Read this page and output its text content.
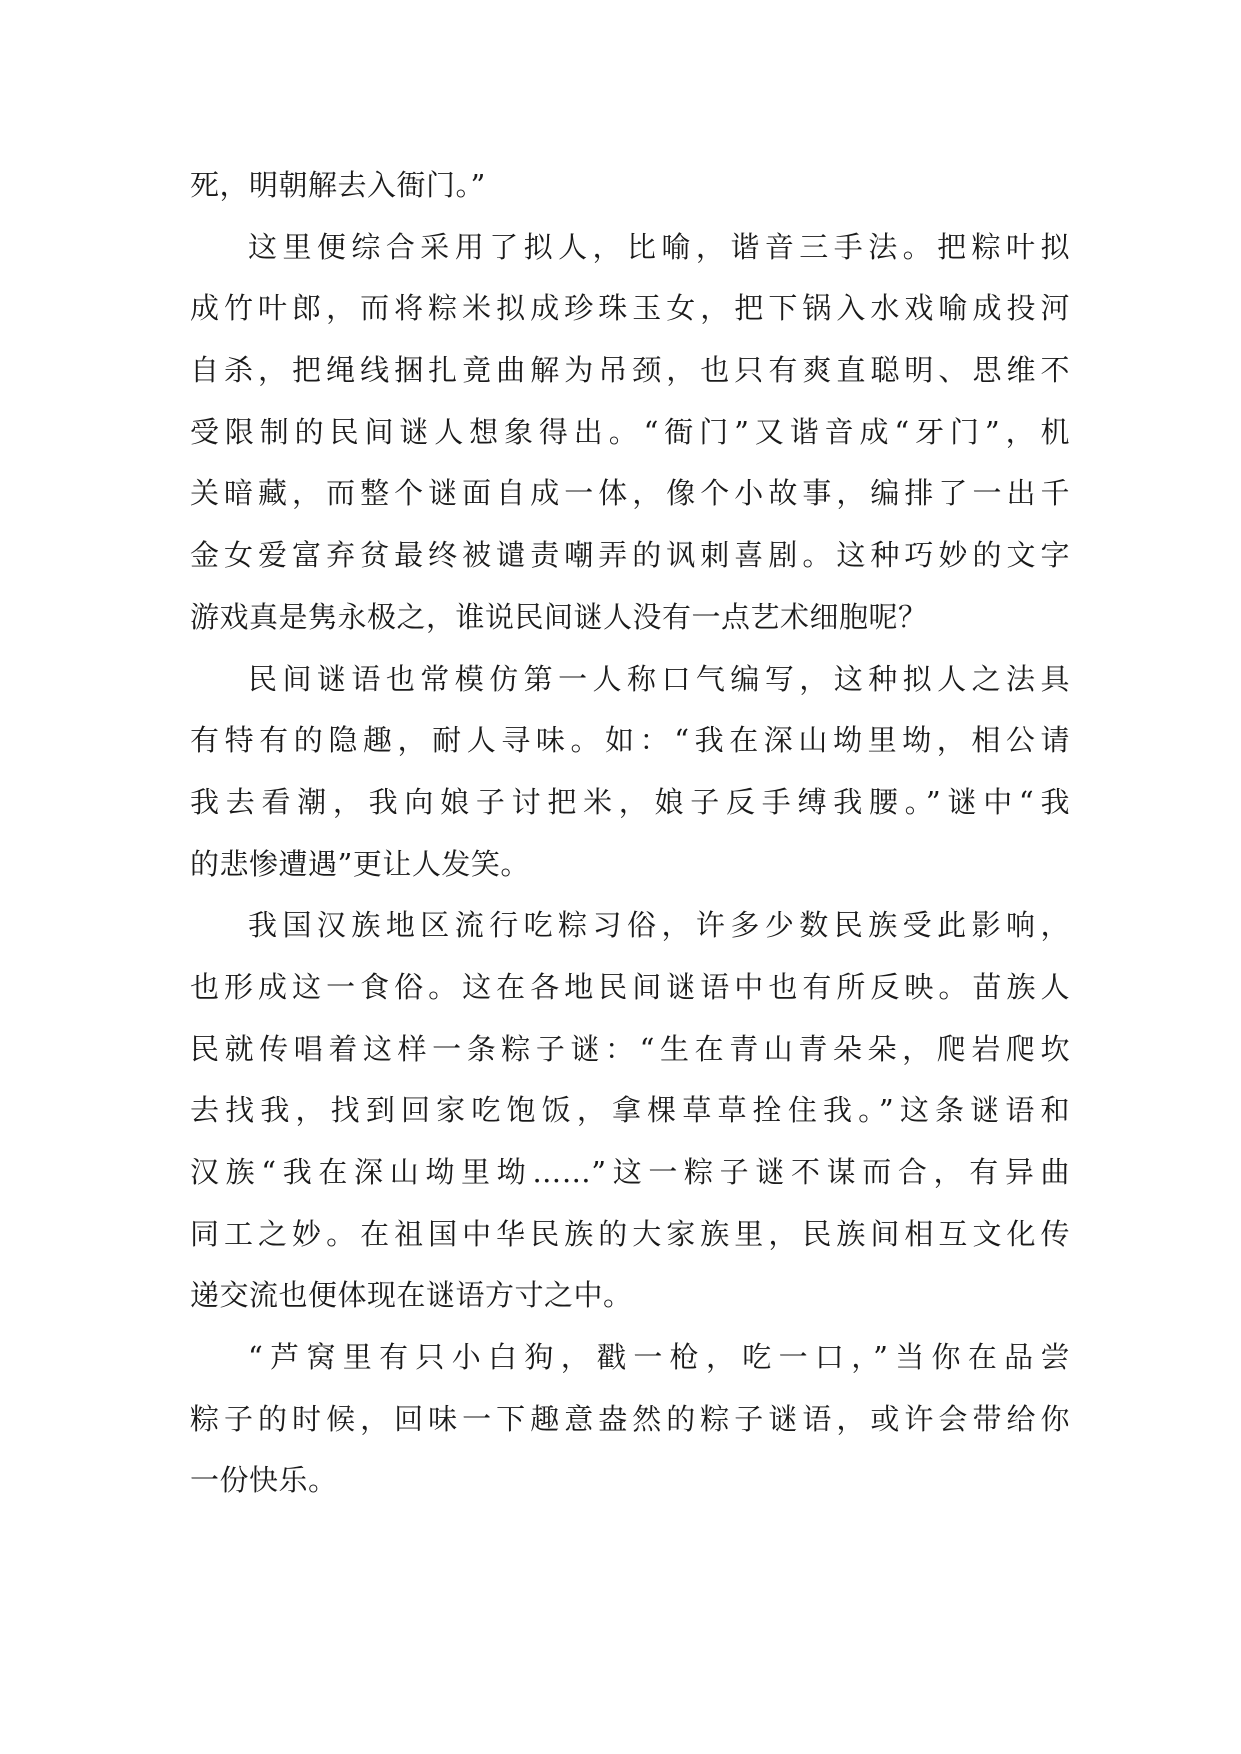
死，明朝解去入衙门。”
这里便综合采用了拟人，比喻，谐音三手法。把粽叶拟
成竹叶郎，而将粽米拟成珍珠玉女，把下锅入水戏喻成投河
自杀，把绳线捆扎竟曲解为吊颈，也只有爽直聪明、思维不
受限制的民间谜人想象得出。“衙门”又谐音成“牙门”，机
关暗藏，而整个谜面自成一体，像个小故事，编排了一出千
金女爱富弃贫最终被谴责嘲弄的讽刺喜剧。这种巧妙的文字
游戏真是隽永极之，谁说民间谜人没有一点艺术细胞呢？
民间谜语也常模仿第一人称口气编写，这种拟人之法具
有特有的隐趣，耐人寻味。如：“我在深山坳里坳，相公请
我去看潮，我向娘子讨把米，娘子反手缚我腰。”谜中“我
的悲惨遭遇”更让人发笑。
我国汉族地区流行吃粽习俗，许多少数民族受此影响，
也形成这一食俗。这在各地民间谜语中也有所反映。苗族人
民就传唱着这样一条粽子谜：“生在青山青朵朵，爬岩爬坎
去找我，找到回家吃饱饭，拿棵草草拴住我。”这条谜语和
汉族“我在深山坳里坳……”这一粽子谜不谋而合，有异曲
同工之妙。在祖国中华民族的大家族里，民族间相互文化传
递交流也便体现在谜语方寸之中。
“芦窝里有只小白狗，戳一枪，吃一口，”当你在品尝
粽子的时候，回味一下趣意盎然的粽子谜语，或许会带给你
一份快乐。
